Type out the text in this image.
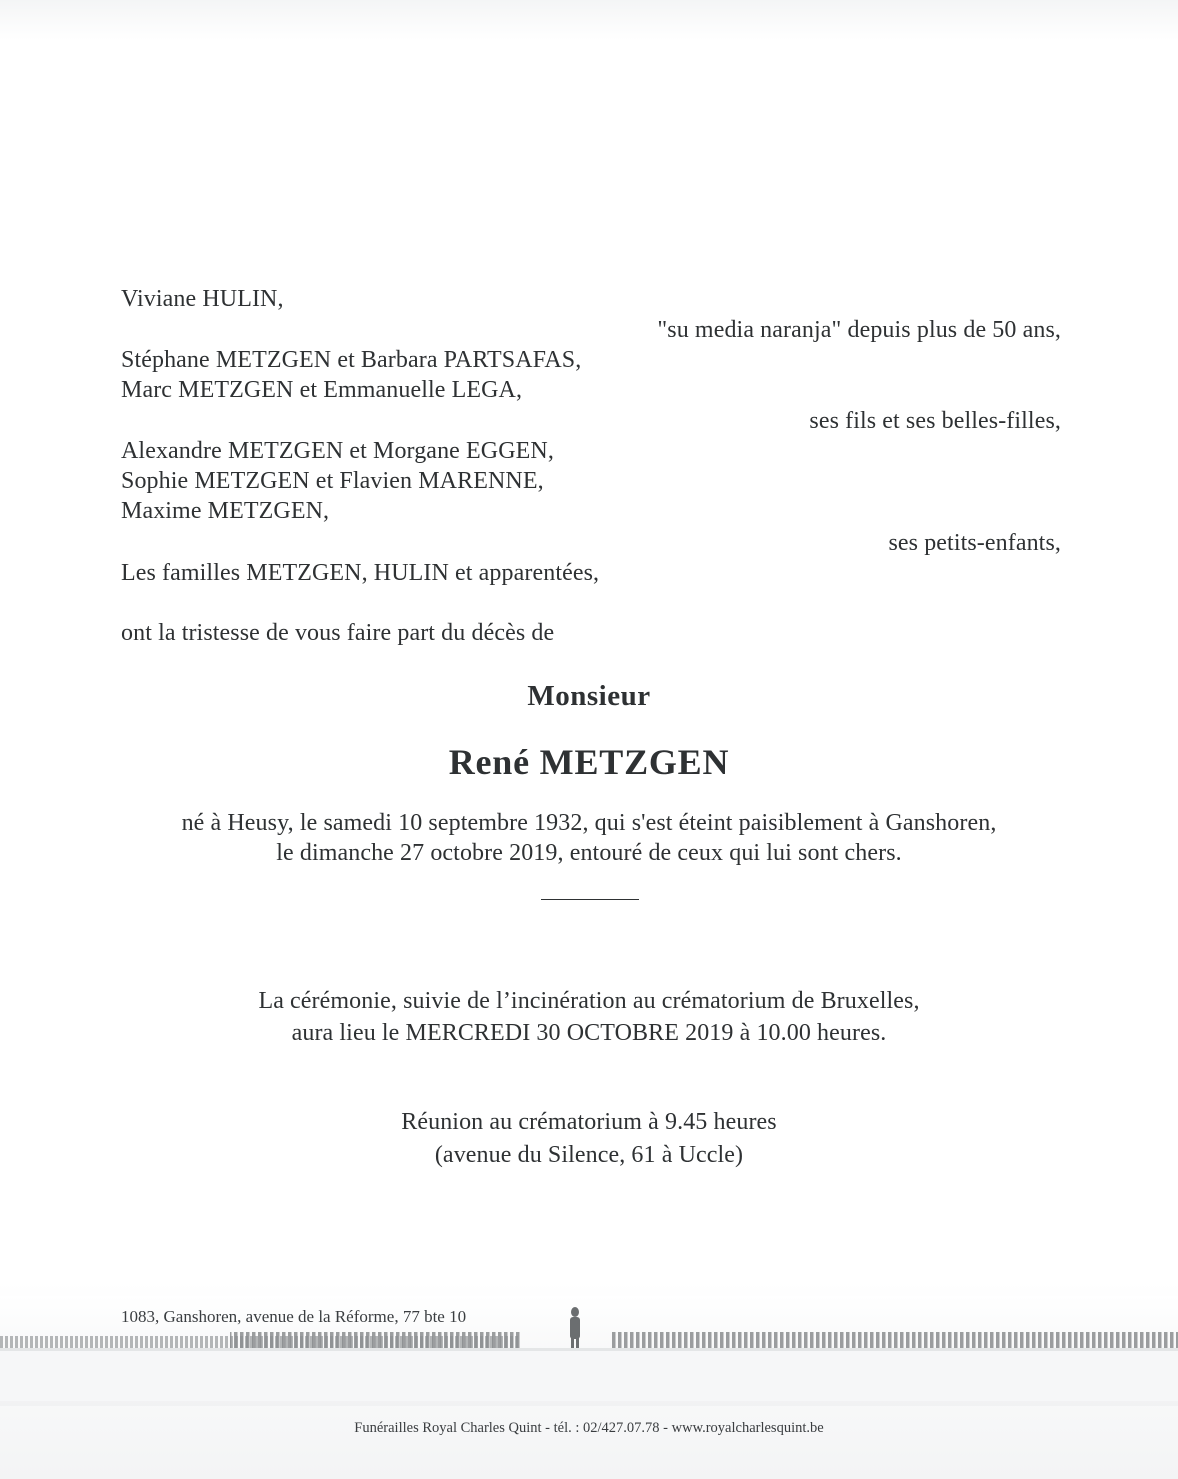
Viviane HULIN,
"su media naranja" depuis plus de 50 ans,
Stéphane METZGEN et Barbara PARTSAFAS,
Marc METZGEN et Emmanuelle LEGA,
ses fils et ses belles-filles,
Alexandre METZGEN et Morgane EGGEN,
Sophie METZGEN et Flavien MARENNE,
Maxime METZGEN,
ses petits-enfants,
Les familles METZGEN, HULIN et apparentées,
ont la tristesse de vous faire part du décès de
Monsieur
René METZGEN
né à Heusy, le samedi 10 septembre 1932, qui s'est éteint paisiblement à Ganshoren,
le dimanche 27 octobre 2019, entouré de ceux qui lui sont chers.
La cérémonie, suivie de l’incinération au crématorium de Bruxelles,
aura lieu le MERCREDI 30 OCTOBRE 2019 à 10.00 heures.
Réunion au crématorium à 9.45 heures
(avenue du Silence, 61 à Uccle)
1083, Ganshoren, avenue de la Réforme, 77 bte 10
Funérailles Royal Charles Quint - tél. : 02/427.07.78 - www.royalcharlesquint.be
